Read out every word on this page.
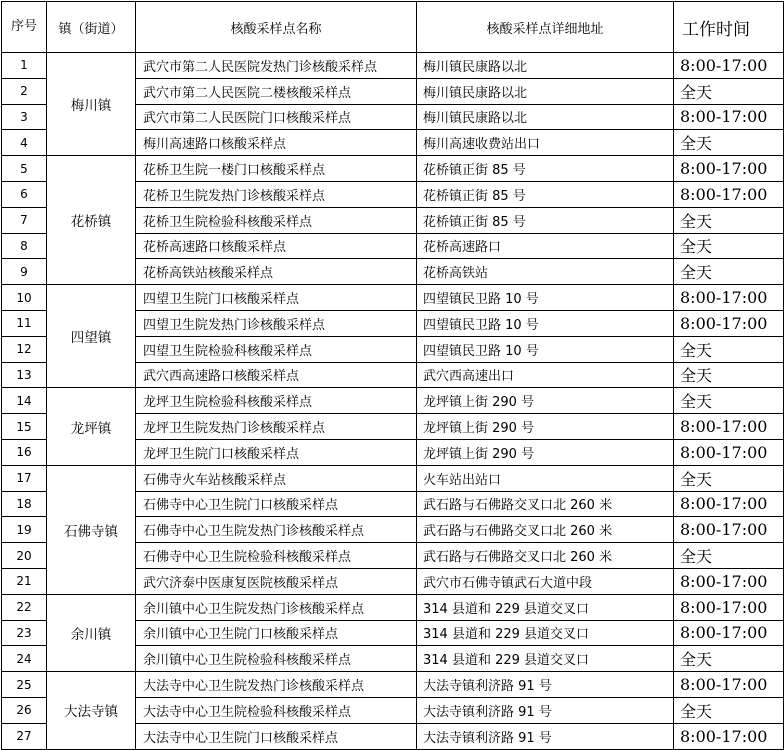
序号	镇（街道）	核酸采样点名称	核酸采样点详细地址	工作时间
1	梅川镇	武穴市第二人民医院发热门诊核酸采样点	梅川镇民康路以北	8:00-17:00
2		武穴市第二人民医院二楼核酸采样点	梅川镇民康路以北	全天
3		武穴市第二人民医院门口核酸采样点	梅川镇民康路以北	8:00-17:00
4		梅川高速路口核酸采样点	梅川高速收费站出口	全天
5	花桥镇	花桥卫生院一楼门口核酸采样点	花桥镇正街 85 号	8:00-17:00
6		花桥卫生院发热门诊核酸采样点	花桥镇正街 85 号	8:00-17:00
7		花桥卫生院检验科核酸采样点	花桥镇正街 85 号	全天
8		花桥高速路口核酸采样点	花桥高速路口	全天
9		花桥高铁站核酸采样点	花桥高铁站	全天
10	四望镇	四望卫生院门口核酸采样点	四望镇民卫路 10 号	8:00-17:00
11		四望卫生院发热门诊核酸采样点	四望镇民卫路 10 号	8:00-17:00
12		四望卫生院检验科核酸采样点	四望镇民卫路 10 号	全天
13		武穴西高速路口核酸采样点	武穴西高速出口	全天
14	龙坪镇	龙坪卫生院检验科核酸采样点	龙坪镇上街 290 号	全天
15		龙坪卫生院发热门诊核酸采样点	龙坪镇上街 290 号	8:00-17:00
16		龙坪卫生院门口核酸采样点	龙坪镇上街 290 号	8:00-17:00
17	石佛寺镇	石佛寺火车站核酸采样点	火车站出站口	全天
18		石佛寺中心卫生院门口核酸采样点	武石路与石佛路交叉口北 260 米	8:00-17:00
19		石佛寺中心卫生院发热门诊核酸采样点	武石路与石佛路交叉口北 260 米	8:00-17:00
20		石佛寺中心卫生院检验科核酸采样点	武石路与石佛路交叉口北 260 米	全天
21		武穴济泰中医康复医院核酸采样点	武穴市石佛寺镇武石大道中段	8:00-17:00
22	余川镇	余川镇中心卫生院发热门诊核酸采样点	314 县道和 229 县道交叉口	8:00-17:00
23		余川镇中心卫生院门口核酸采样点	314 县道和 229 县道交叉口	8:00-17:00
24		余川镇中心卫生院检验科核酸采样点	314 县道和 229 县道交叉口	全天
25	大法寺镇	大法寺中心卫生院发热门诊核酸采样点	大法寺镇利济路 91 号	8:00-17:00
26		大法寺中心卫生院检验科核酸采样点	大法寺镇利济路 91 号	全天
27		大法寺中心卫生院门口核酸采样点	大法寺镇利济路 91 号	8:00-17:00
